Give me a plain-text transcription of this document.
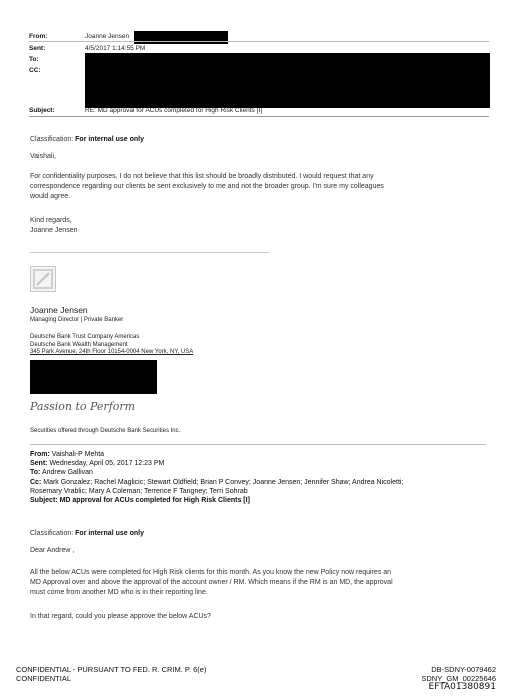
From:	Joanne Jensen
Sent:	4/5/2017 1:14:55 PM
To:
CC:
Subject:	RE: MD approval for ACUs completed for High Risk Clients [I]
Classification: For internal use only
Vaishali,
For confidentiality purposes, I do not believe that this list should be broadly distributed. I would request that any
correspondence regarding our clients be sent exclusively to me and not the broader group. I'm sure my colleagues
would agree.
Kind regards,
Joanne Jensen
Joanne Jensen
Managing Director | Private Banker
Deutsche Bank Trust Company Americas
Deutsche Bank Wealth Management
345 Park Avenue, 24th Floor 10154-0004 New York, NY, USA
Passion to Perform
Securities offered through Deutsche Bank Securities Inc.
From: Vaishali-P Mehta
Sent: Wednesday, April 05, 2017 12:23 PM
To: Andrew Gallivan
Cc: Mark Gonzalez; Rachel Maglicic; Stewart Oldfield; Brian P Convey; Joanne Jensen; Jennifer Shaw; Andrea Nicoletti;
Rosemary Vrablic; Mary A Coleman; Terrence F Tangney; Terri Sohrab
Subject: MD approval for ACUs completed for High Risk Clients [I]
Classification: For internal use only
Dear Andrew ,
All the below ACUs were completed for High Risk clients for this month. As you know the new Policy now requires an
MD Approval over and above the approval of the account owner / RM. Which means if the RM is an MD, the approval
must come from another MD who is in their reporting line.
In that regard, could you please approve the below ACUs?
CONFIDENTIAL - PURSUANT TO FED. R. CRIM. P. 6(e)
CONFIDENTIAL
DB-SDNY-0079462
SDNY_GM_00225646
EFTA01380891
